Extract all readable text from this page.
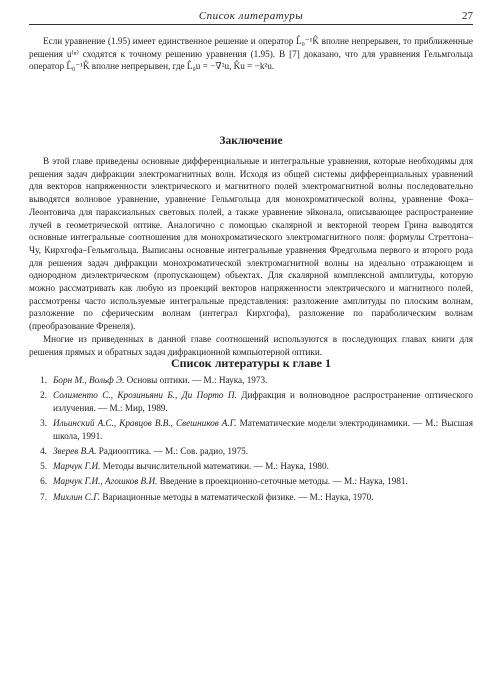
Список литературы	27

Если уравнение (1.95) имеет единственное решение и оператор L̂₀⁻¹K̂ вполне непрерывен, то приближенные решения u⁽ⁿ⁾ сходятся к точному решению уравнения (1.95). В [7] доказано, что для уравнения Гельмгольца оператор L̂₀⁻¹K̂ вполне непрерывен, где L̂₀u = −∇²u, K̂u = −k²u.

Заключение

В этой главе приведены основные дифференциальные и интегральные уравнения, которые необходимы для решения задач дифракции электромагнитных волн. Исходя из общей системы дифференциальных уравнений для векторов напряженности электрического и магнитного полей электромагнитной волны последовательно выводятся волновое уравнение, уравнение Гельмгольца для монохроматической волны, уравнение Фока–Леонтовича для параксиальных световых полей, а также уравнение эйконала, описывающее распространение лучей в геометрической оптике. Аналогично с помощью скалярной и векторной теорем Грина выводятся основные интегральные соотношения для монохроматического электромагнитного поля: формулы Стреттона–Чу, Кирхгофа–Гельмгольца. Выписаны основные интегральные уравнения Фредгольма первого и второго рода для решения задач дифракции монохроматической электромагнитной волны на идеально отражающем и однородном диэлектрическом (пропускающем) объектах. Для скалярной комплексной амплитуды, которую можно рассматривать как любую из проекций векторов напряженности электрического и магнитного полей, рассмотрены часто используемые интегральные представления: разложение амплитуды по плоским волнам, разложение по сферическим волнам (интеграл Кирхгофа), разложение по параболическим волнам (преобразование Френеля).

Многие из приведенных в данной главе соотношений используются в последующих главах книги для решения прямых и обратных задач дифракционной компьютерной оптики.

Список литературы к главе 1
1. Борн М., Вольф Э. Основы оптики. — М.: Наука, 1973.
2. Солименто С., Крозиньяни Б., Ди Порто П. Дифракция и волноводное распространение оптического излучения. — М.: Мир, 1989.
3. Ильинский А.С., Кравцов В.В., Свешников А.Г. Математические модели электродинамики. — М.: Высшая школа, 1991.
4. Зверев В.А. Радиооптика. — М.: Сов. радио, 1975.
5. Марчук Г.И. Методы вычислительной математики. — М.: Наука, 1980.
6. Марчук Г.И., Агошков В.И. Введение в проекционно-сеточные методы. — М.: Наука, 1981.
7. Михлин С.Г. Вариационные методы в математической физике. — М.: Наука, 1970.
